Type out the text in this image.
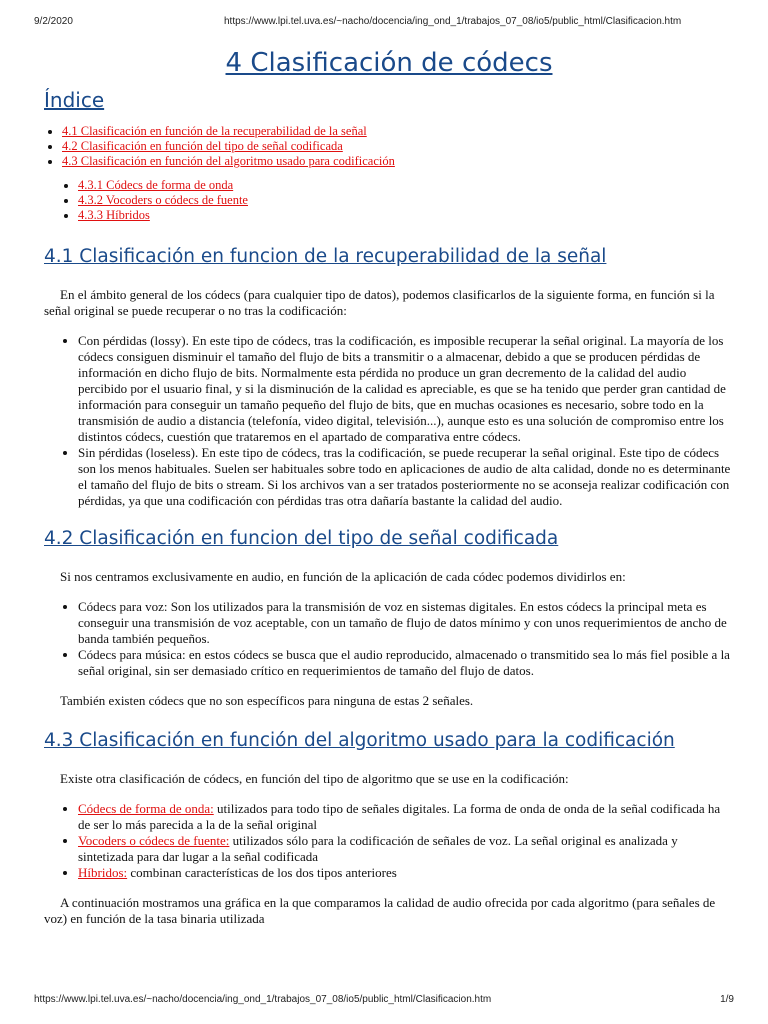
9/2/2020	https://www.lpi.tel.uva.es/~nacho/docencia/ing_ond_1/trabajos_07_08/io5/public_html/Clasificacion.htm
4 Clasificación de códecs
Índice
• 4.1 Clasificación en función de la recuperabilidad de la señal
• 4.2 Clasificación en función del tipo de señal codificada
• 4.3 Clasificación en función del algoritmo usado para codificación
• 4.3.1 Códecs de forma de onda
• 4.3.2 Vocoders o códecs de fuente
• 4.3.3 Híbridos
4.1 Clasificación en funcion de la recuperabilidad de la señal

En el ámbito general de los códecs (para cualquier tipo de datos), podemos clasificarlos de la siguiente forma, en función si la señal original se puede recuperar o no tras la codificación:

• Con pérdidas (lossy). En este tipo de códecs, tras la codificación, es imposible recuperar la señal original. La mayoría de los códecs consiguen disminuir el tamaño del flujo de bits a transmitir o a almacenar, debido a que se producen pérdidas de información en dicho flujo de bits. Normalmente esta pérdida no produce un gran decremento de la calidad del audio percibido por el usuario final, y si la disminución de la calidad es apreciable, es que se ha tenido que perder gran cantidad de información para conseguir un tamaño pequeño del flujo de bits, que en muchas ocasiones es necesario, sobre todo en la transmisión de audio a distancia (telefonía, video digital, televisión...), aunque esto es una solución de compromiso entre los distintos códecs, cuestión que trataremos en el apartado de comparativa entre códecs.
• Sin pérdidas (loseless). En este tipo de códecs, tras la codificación, se puede recuperar la señal original. Este tipo de códecs son los menos habituales. Suelen ser habituales sobre todo en aplicaciones de audio de alta calidad, donde no es determinante el tamaño del flujo de bits o stream. Si los archivos van a ser tratados posteriormente no se aconseja realizar codificación con pérdidas, ya que una codificación con pérdidas tras otra dañaría bastante la calidad del audio.
4.2 Clasificación en funcion del tipo de señal codificada

Si nos centramos exclusivamente en audio, en función de la aplicación de cada códec podemos dividirlos en:

• Códecs para voz: Son los utilizados para la transmisión de voz en sistemas digitales. En estos códecs la principal meta es conseguir una transmisión de voz aceptable, con un tamaño de flujo de datos mínimo y con unos requerimientos de ancho de banda también pequeños.
• Códecs para música: en estos códecs se busca que el audio reproducido, almacenado o transmitido sea lo más fiel posible a la señal original, sin ser demasiado crítico en requerimientos de tamaño del flujo de datos.

También existen códecs que no son específicos para ninguna de estas 2 señales.

4.3 Clasificación en función del algoritmo usado para la codificación

Existe otra clasificación de códecs, en función del tipo de algoritmo que se use en la codificación:

• Códecs de forma de onda: utilizados para todo tipo de señales digitales. La forma de onda de onda de la señal codificada ha de ser lo más parecida a la de la señal original
• Vocoders o códecs de fuente: utilizados sólo para la codificación de señales de voz. La señal original es analizada y sintetizada para dar lugar a la señal codificada
• Híbridos: combinan características de los dos tipos anteriores

A continuación mostramos una gráfica en la que comparamos la calidad de audio ofrecida por cada algoritmo (para señales de voz) en función de la tasa binaria utilizada

https://www.lpi.tel.uva.es/~nacho/docencia/ing_ond_1/trabajos_07_08/io5/public_html/Clasificacion.htm	1/9
